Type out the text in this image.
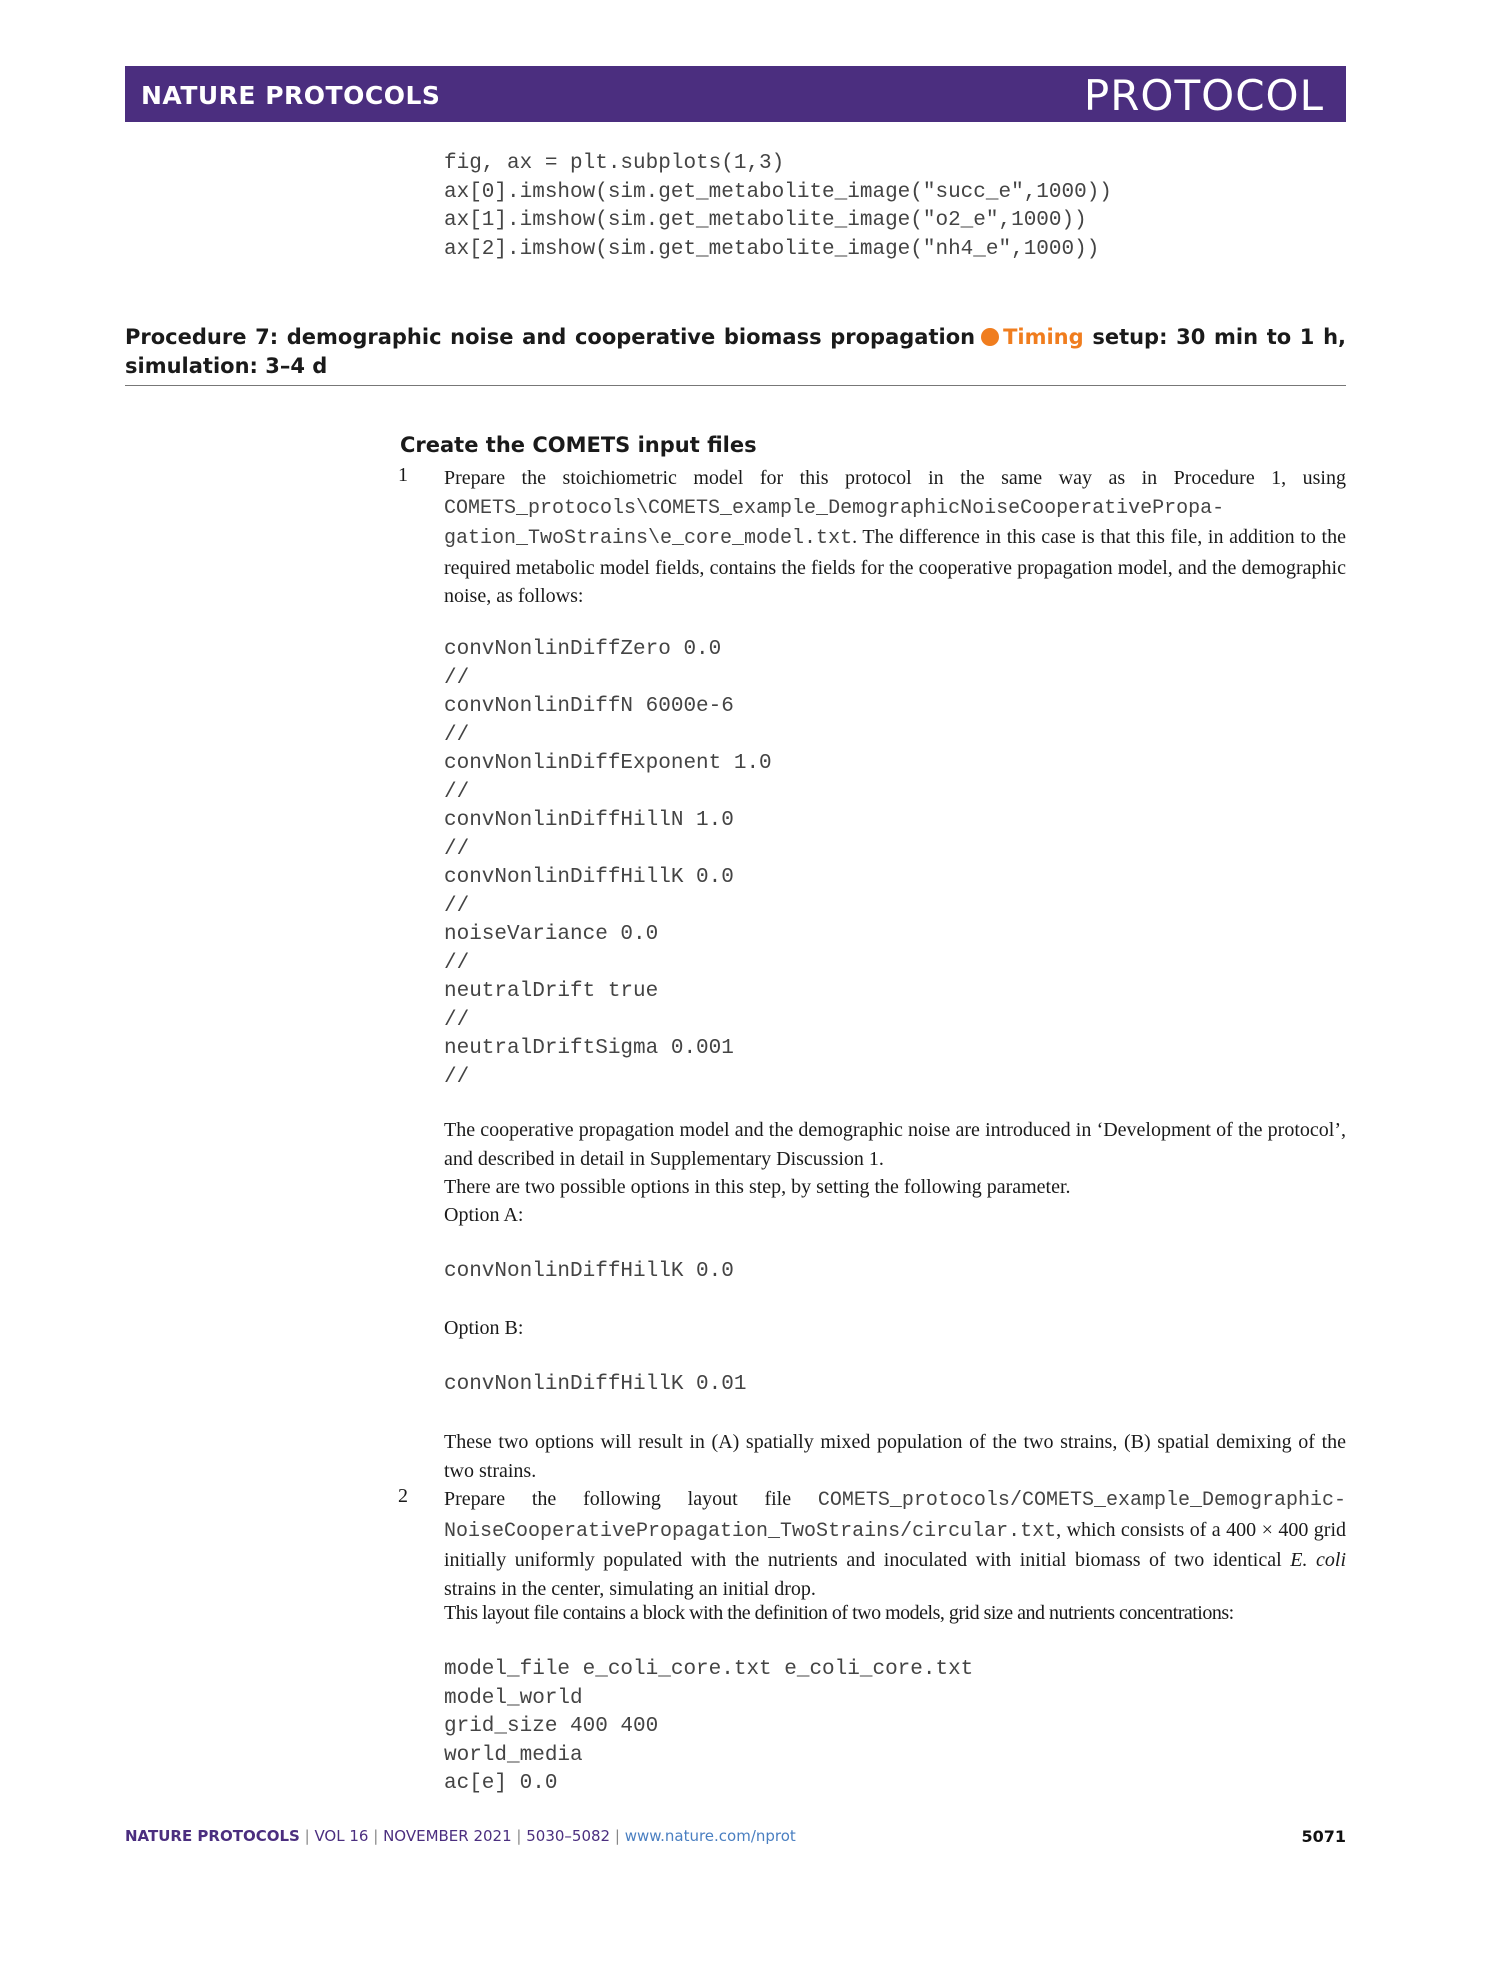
NATURE PROTOCOLS	PROTOCOL
fig, ax = plt.subplots(1,3)
ax[0].imshow(sim.get_metabolite_image("succ_e",1000))
ax[1].imshow(sim.get_metabolite_image("o2_e",1000))
ax[2].imshow(sim.get_metabolite_image("nh4_e",1000))
Procedure 7: demographic noise and cooperative biomass propagation Timing setup: 30 min to 1 h, simulation: 3–4 d
Create the COMETS input files
1 Prepare the stoichiometric model for this protocol in the same way as in Procedure 1, using
COMETS_protocols\COMETS_example_DemographicNoiseCooperativePropa-
gation_TwoStrains\e_core_model.txt. The difference in this case is that this file, in addition to the required metabolic model fields, contains the fields for the cooperative propagation model, and the demographic noise, as follows:
convNonlinDiffZero 0.0
//
convNonlinDiffN 6000e-6
//
convNonlinDiffExponent 1.0
//
convNonlinDiffHillN 1.0
//
convNonlinDiffHillK 0.0
//
noiseVariance 0.0
//
neutralDrift true
//
neutralDriftSigma 0.001
//
The cooperative propagation model and the demographic noise are introduced in ‘Development of the protocol’, and described in detail in Supplementary Discussion 1.
There are two possible options in this step, by setting the following parameter.
Option A:
convNonlinDiffHillK 0.0
Option B:
convNonlinDiffHillK 0.01
These two options will result in (A) spatially mixed population of the two strains, (B) spatial demixing of the two strains.
2 Prepare the following layout file COMETS_protocols/COMETS_example_Demographic-
NoiseCooperativePropagation_TwoStrains/circular.txt, which consists of a 400 × 400 grid initially uniformly populated with the nutrients and inoculated with initial biomass of two identical E. coli strains in the center, simulating an initial drop.
This layout file contains a block with the definition of two models, grid size and nutrients concentrations:
model_file e_coli_core.txt e_coli_core.txt
model_world
grid_size 400 400
world_media
ac[e] 0.0
NATURE PROTOCOLS | VOL 16 | NOVEMBER 2021 | 5030–5082 | www.nature.com/nprot	5071
